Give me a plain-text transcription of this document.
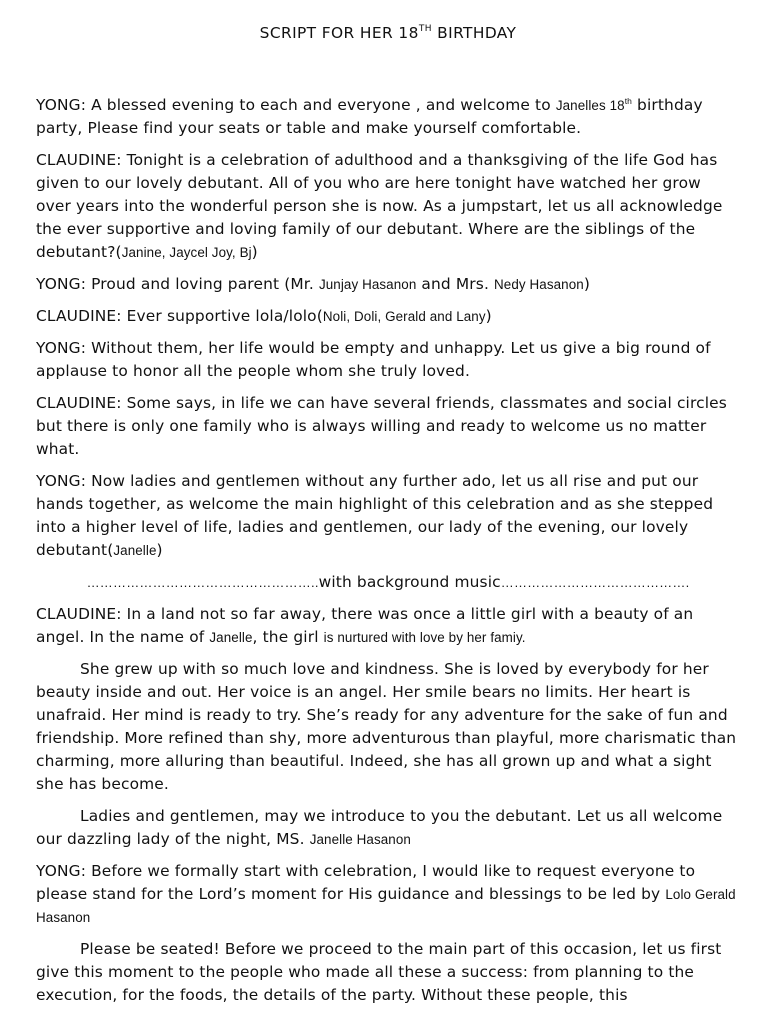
SCRIPT FOR HER 18TH BIRTHDAY

YONG: A blessed evening to each and everyone , and welcome to Janelles 18th birthday party, Please find your seats or table and make yourself comfortable.

CLAUDINE: Tonight is a celebration of adulthood and a thanksgiving of the life God has given to our lovely debutant. All of you who are here tonight have watched her grow over years into the wonderful person she is now. As a jumpstart, let us all acknowledge the ever supportive and loving family of our debutant. Where are the siblings of the debutant?(Janine, Jaycel Joy, Bj)

YONG: Proud and loving parent (Mr. Junjay Hasanon and Mrs. Nedy Hasanon)

CLAUDINE: Ever supportive lola/lolo(Noli, Doli, Gerald and Lany)

YONG: Without them, her life would be empty and unhappy. Let us give a big round of applause to honor all the people whom she truly loved.

CLAUDINE: Some says, in life we can have several friends, classmates and social circles but there is only one family who is always willing and ready to welcome us no matter what.

YONG: Now ladies and gentlemen without any further ado, let us all rise and put our hands together, as welcome the main highlight of this celebration and as she stepped into a higher level of life, ladies and gentlemen, our lady of the evening, our lovely debutant(Janelle)

……………………………………………..with background music…………………………………….

CLAUDINE: In a land not so far away, there was once a little girl with a beauty of an angel. In the name of Janelle, the girl is nurtured with love by her famiy.

She grew up with so much love and kindness. She is loved by everybody for her beauty inside and out. Her voice is an angel. Her smile bears no limits. Her heart is unafraid. Her mind is ready to try. She’s ready for any adventure for the sake of fun and friendship. More refined than shy, more adventurous than playful, more charismatic than charming, more alluring than beautiful. Indeed, she has all grown up and what a sight she has become.

Ladies and gentlemen, may we introduce to you the debutant. Let us all welcome our dazzling lady of the night, MS. Janelle Hasanon

YONG: Before we formally start with celebration, I would like to request everyone to please stand for the Lord’s moment for His guidance and blessings to be led by Lolo Gerald Hasanon

Please be seated! Before we proceed to the main part of this occasion, let us first give this moment to the people who made all these a success: from planning to the execution, for the foods, the details of the party. Without these people, this
